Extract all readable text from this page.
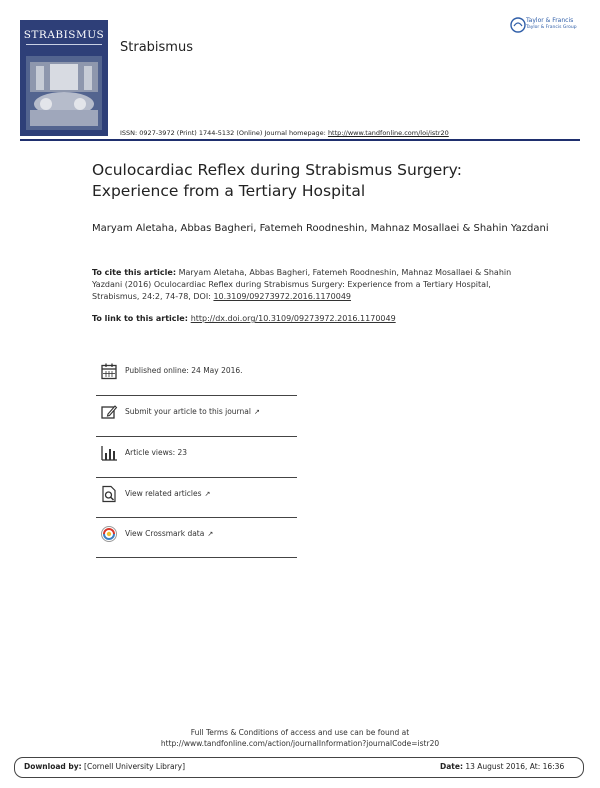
STRABISMUS
Strabismus
Taylor & Francis
Taylor & Francis Group
ISSN: 0927-3972 (Print) 1744-5132 (Online) Journal homepage: http://www.tandfonline.com/loi/istr20
Oculocardiac Reflex during Strabismus Surgery:
Experience from a Tertiary Hospital
Maryam Aletaha, Abbas Bagheri, Fatemeh Roodneshin, Mahnaz Mosallaei & Shahin Yazdani
To cite this article: Maryam Aletaha, Abbas Bagheri, Fatemeh Roodneshin, Mahnaz Mosallaei & Shahin Yazdani (2016) Oculocardiac Reflex during Strabismus Surgery: Experience from a Tertiary Hospital, Strabismus, 24:2, 74-78, DOI: 10.3109/09273972.2016.1170049
To link to this article: http://dx.doi.org/10.3109/09273972.2016.1170049
Published online: 24 May 2016.
Submit your article to this journal ↗
Article views: 23
View related articles ↗
View Crossmark data ↗
Full Terms & Conditions of access and use can be found at
http://www.tandfonline.com/action/journalInformation?journalCode=istr20
Download by: [Cornell University Library]	Date: 13 August 2016, At: 16:36
